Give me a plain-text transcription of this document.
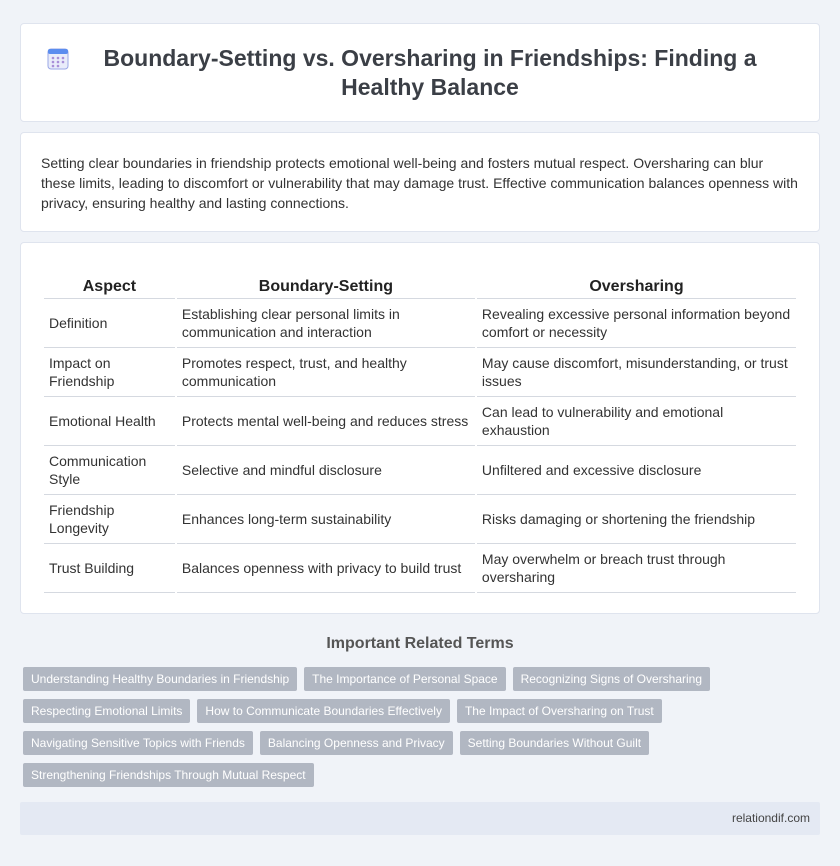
Boundary-Setting vs. Oversharing in Friendships: Finding a Healthy Balance

Setting clear boundaries in friendship protects emotional well-being and fosters mutual respect. Oversharing can blur these limits, leading to discomfort or vulnerability that may damage trust. Effective communication balances openness with privacy, ensuring healthy and lasting connections.

Aspect	Boundary-Setting	Oversharing
Definition	Establishing clear personal limits in communication and interaction	Revealing excessive personal information beyond comfort or necessity
Impact on Friendship	Promotes respect, trust, and healthy communication	May cause discomfort, misunderstanding, or trust issues
Emotional Health	Protects mental well-being and reduces stress	Can lead to vulnerability and emotional exhaustion
Communication Style	Selective and mindful disclosure	Unfiltered and excessive disclosure
Friendship Longevity	Enhances long-term sustainability	Risks damaging or shortening the friendship
Trust Building	Balances openness with privacy to build trust	May overwhelm or breach trust through oversharing
Important Related Terms
Understanding Healthy Boundaries in Friendship	The Importance of Personal Space	Recognizing Signs of Oversharing
Respecting Emotional Limits	How to Communicate Boundaries Effectively	The Impact of Oversharing on Trust
Navigating Sensitive Topics with Friends	Balancing Openness and Privacy	Setting Boundaries Without Guilt
Strengthening Friendships Through Mutual Respect
relationdif.com
